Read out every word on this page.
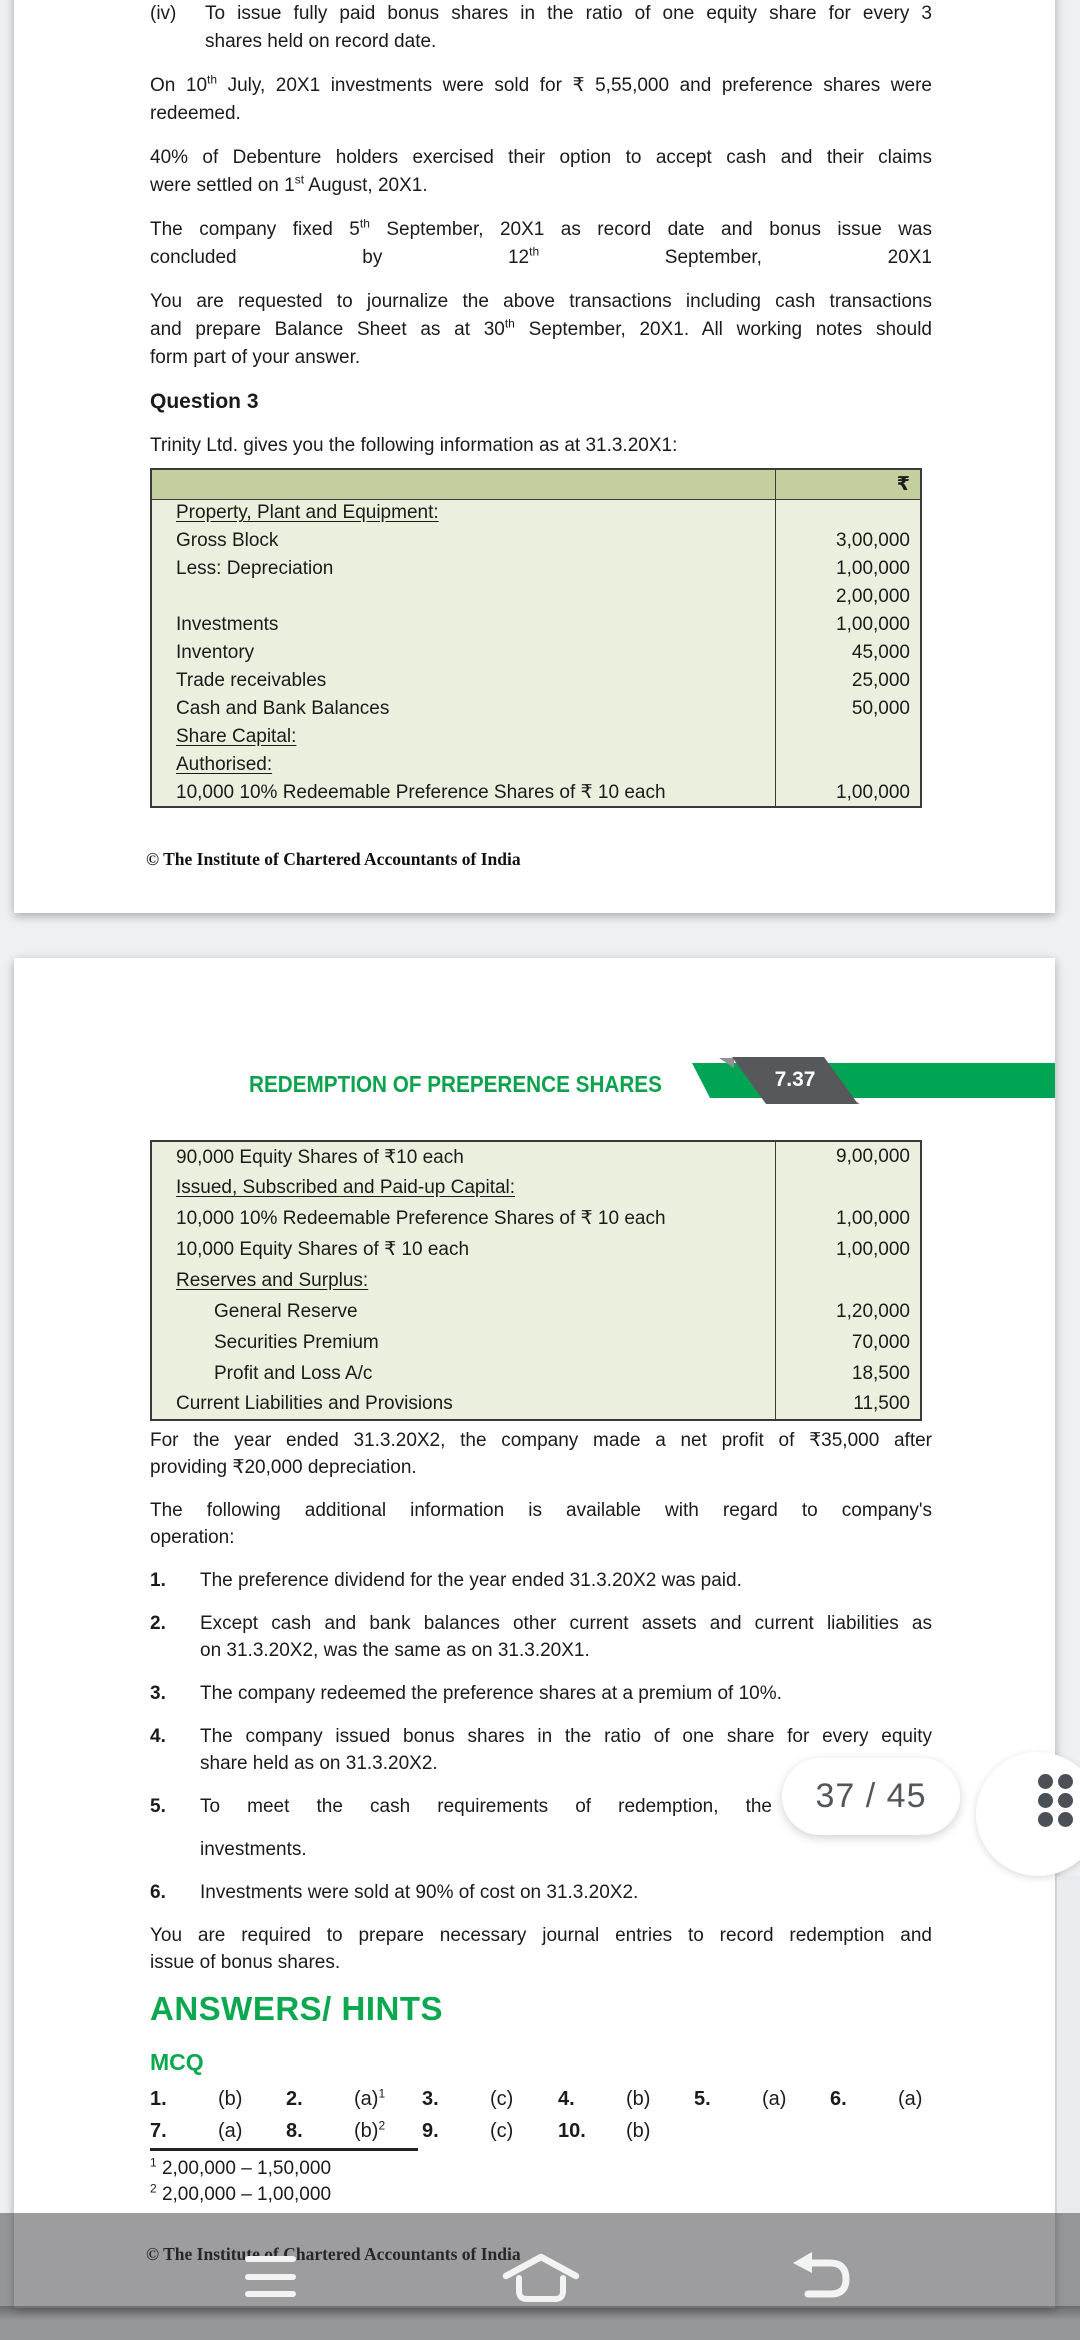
(iv) To issue fully paid bonus shares in the ratio of one equity share for every 3
shares held on record date.
On 10th July, 20X1 investments were sold for ₹ 5,55,000 and preference shares were
redeemed.
40% of Debenture holders exercised their option to accept cash and their claims
were settled on 1st August, 20X1.
The company fixed 5th September, 20X1 as record date and bonus issue was
concluded by 12th September, 20X1
You are requested to journalize the above transactions including cash transactions
and prepare Balance Sheet as at 30th September, 20X1. All working notes should
form part of your answer.
Question 3
Trinity Ltd. gives you the following information as at 31.3.20X1:
	₹
Property, Plant and Equipment:	
Gross Block	3,00,000
Less: Depreciation	1,00,000
	2,00,000
Investments	1,00,000
Inventory	45,000
Trade receivables	25,000
Cash and Bank Balances	50,000
Share Capital:	
Authorised:	
10,000 10% Redeemable Preference Shares of ₹ 10 each	1,00,000
© The Institute of Chartered Accountants of India
7.37
REDEMPTION OF PREPERENCE SHARES
90,000 Equity Shares of ₹10 each	9,00,000
Issued, Subscribed and Paid-up Capital:	
10,000 10% Redeemable Preference Shares of ₹ 10 each	1,00,000
10,000 Equity Shares of ₹ 10 each	1,00,000
Reserves and Surplus:	
General Reserve	1,20,000
Securities Premium	70,000
Profit and Loss A/c	18,500
Current Liabilities and Provisions	11,500
For the year ended 31.3.20X2, the company made a net profit of ₹35,000 after
providing ₹20,000 depreciation.
The following additional information is available with regard to company's
operation:
1. The preference dividend for the year ended 31.3.20X2 was paid.
2. Except cash and bank balances other current assets and current liabilities as
on 31.3.20X2, was the same as on 31.3.20X1.
3. The company redeemed the preference shares at a premium of 10%.
4. The company issued bonus shares in the ratio of one share for every equity
share held as on 31.3.20X2.
5. To meet the cash requirements of redemption, the
investments.
6. Investments were sold at 90% of cost on 31.3.20X2.
You are required to prepare necessary journal entries to record redemption and
issue of bonus shares.
ANSWERS/ HINTS
MCQ
1.	(b)	2.	$(a)^1$	3.	(c)	4.	(b)	5.	(a)	6.	(a)
7.	(a)	8.	$(b)^2$	9.	(c)	10.	(b)
$^1$ 2,00,000 – 1,50,000
$^2$ 2,00,000 – 1,00,000
37 / 45
